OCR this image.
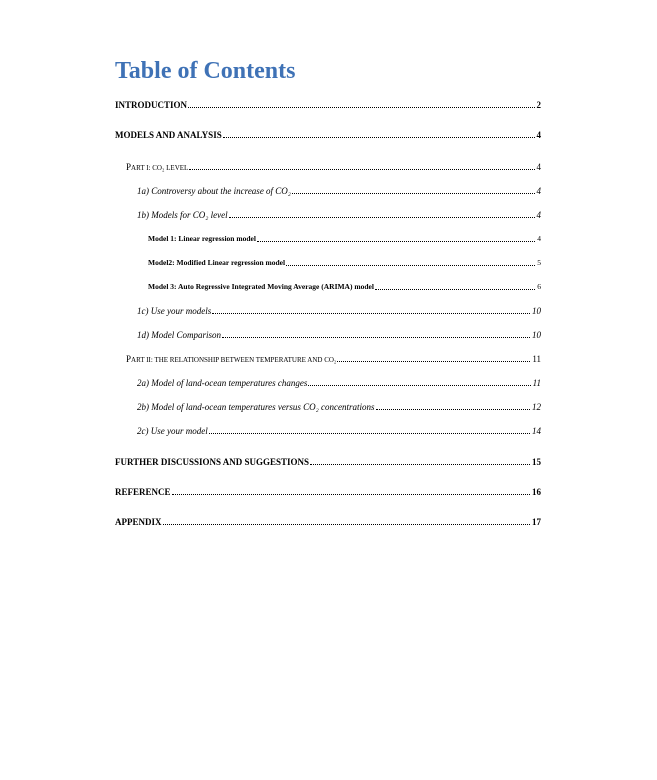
Table of Contents
INTRODUCTION	2
MODELS AND ANALYSIS	4
PART I: CO₂ LEVEL	4
1a) Controversy about the increase of CO₂	4
1b) Models for CO₂ level	4
Model 1: Linear regression model	4
Model2: Modified Linear regression model	5
Model 3: Auto Regressive Integrated Moving Average (ARIMA) model	6
1c) Use your models	10
1d) Model Comparison	10
PART II: THE RELATIONSHIP BETWEEN TEMPERATURE AND CO₂	11
2a) Model of land-ocean temperatures changes	11
2b) Model of land-ocean temperatures versus CO₂ concentrations	12
2c) Use your model	14
FURTHER DISCUSSIONS AND SUGGESTIONS	15
REFERENCE	16
APPENDIX	17
